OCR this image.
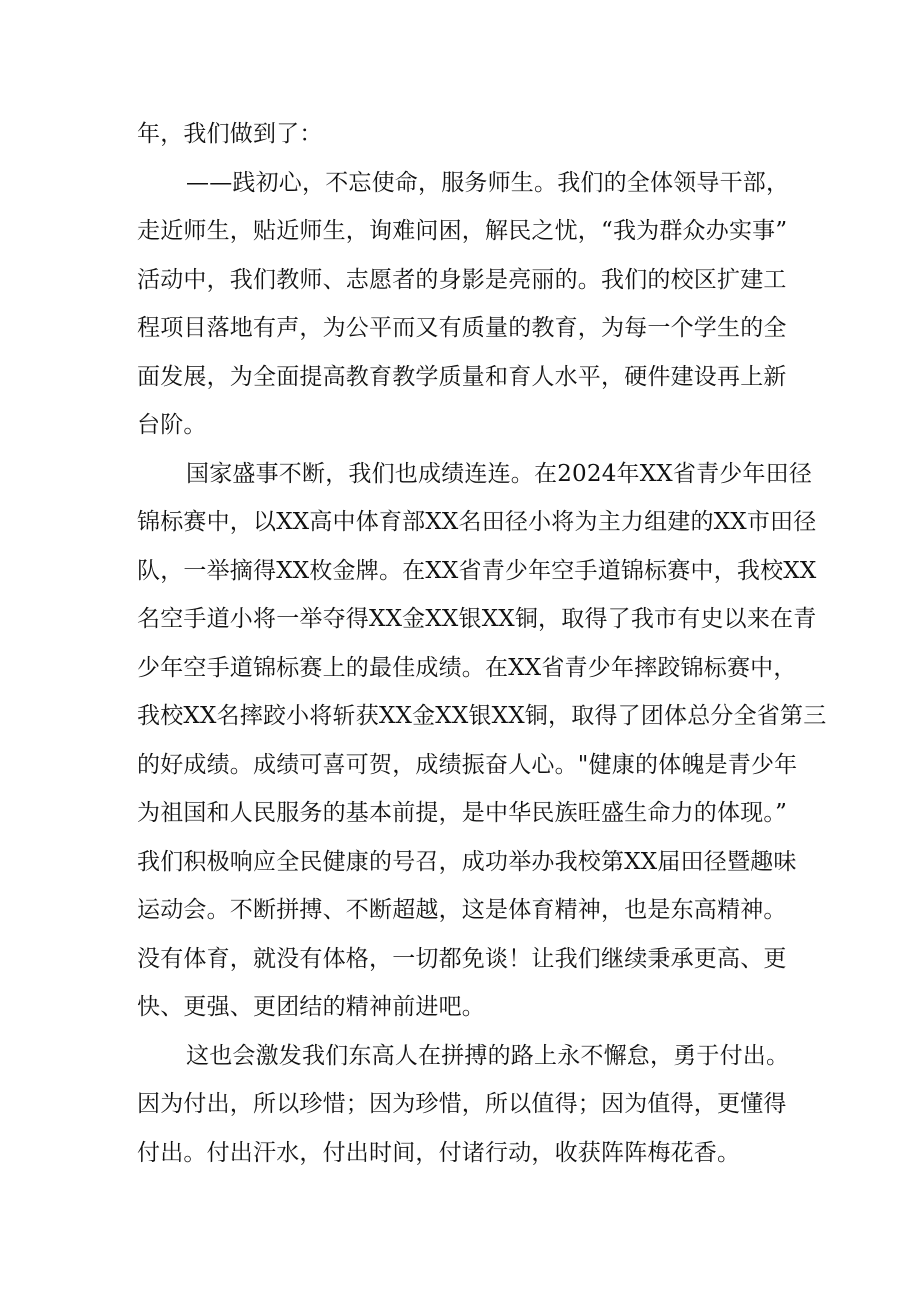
年，我们做到了：
——践初心，不忘使命，服务师生。我们的全体领导干部，
走近师生，贴近师生，询难问困，解民之忧，“我为群众办实事”
活动中，我们教师、志愿者的身影是亮丽的。我们的校区扩建工
程项目落地有声，为公平而又有质量的教育，为每一个学生的全
面发展，为全面提高教育教学质量和育人水平，硬件建设再上新
台阶。
国家盛事不断，我们也成绩连连。在2024年XX省青少年田径
锦标赛中，以XX高中体育部XX名田径小将为主力组建的XX市田径
队，一举摘得XX枚金牌。在XX省青少年空手道锦标赛中，我校XX
名空手道小将一举夺得XX金XX银XX铜，取得了我市有史以来在青
少年空手道锦标赛上的最佳成绩。在XX省青少年摔跤锦标赛中，
我校XX名摔跤小将斩获XX金XX银XX铜，取得了团体总分全省第三
的好成绩。成绩可喜可贺，成绩振奋人心。"健康的体魄是青少年
为祖国和人民服务的基本前提，是中华民族旺盛生命力的体现。”
我们积极响应全民健康的号召，成功举办我校第XX届田径暨趣味
运动会。不断拼搏、不断超越，这是体育精神，也是东高精神。
没有体育，就没有体格，一切都免谈！让我们继续秉承更高、更
快、更强、更团结的精神前进吧。
这也会激发我们东高人在拼搏的路上永不懈怠，勇于付出。
因为付出，所以珍惜；因为珍惜，所以值得；因为值得，更懂得
付出。付出汗水，付出时间，付诸行动，收获阵阵梅花香。
